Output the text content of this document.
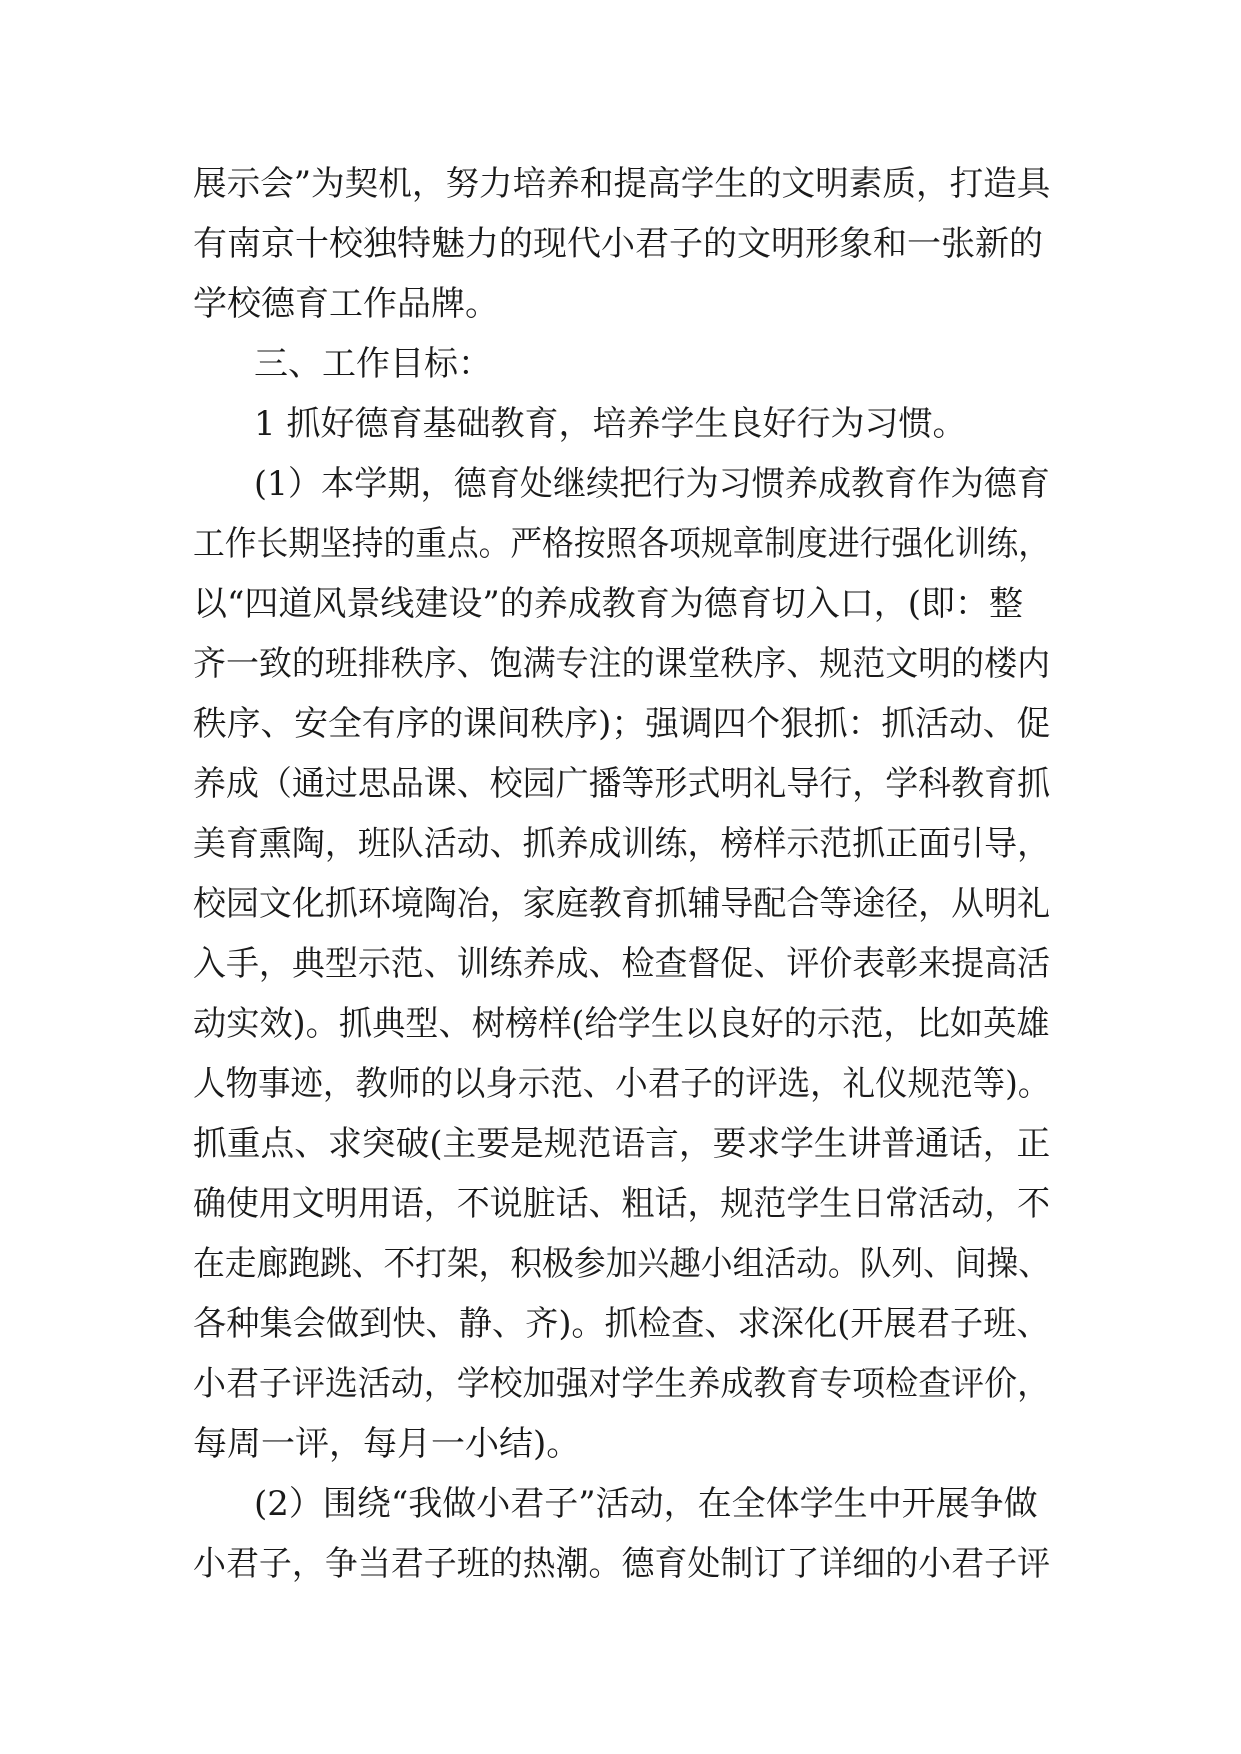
展示会”为契机，努力培养和提高学生的文明素质，打造具

有南京十校独特魅力的现代小君子的文明形象和一张新的

学校德育工作品牌。

三、工作目标：

1 抓好德育基础教育，培养学生良好行为习惯。

(1）本学期，德育处继续把行为习惯养成教育作为德育

工作长期坚持的重点。严格按照各项规章制度进行强化训练，

以“四道风景线建设”的养成教育为德育切入口，(即：整

齐一致的班排秩序、饱满专注的课堂秩序、规范文明的楼内

秩序、安全有序的课间秩序)；强调四个狠抓：抓活动、促

养成（通过思品课、校园广播等形式明礼导行，学科教育抓

美育熏陶，班队活动、抓养成训练，榜样示范抓正面引导，

校园文化抓环境陶冶，家庭教育抓辅导配合等途径，从明礼

入手，典型示范、训练养成、检查督促、评价表彰来提高活

动实效)。抓典型、树榜样(给学生以良好的示范，比如英雄

人物事迹，教师的以身示范、小君子的评选，礼仪规范等)。

抓重点、求突破(主要是规范语言，要求学生讲普通话，正

确使用文明用语，不说脏话、粗话，规范学生日常活动，不

在走廊跑跳、不打架，积极参加兴趣小组活动。队列、间操、

各种集会做到快、静、齐)。抓检查、求深化(开展君子班、

小君子评选活动，学校加强对学生养成教育专项检查评价，

每周一评，每月一小结)。

(2）围绕“我做小君子”活动，在全体学生中开展争做

小君子，争当君子班的热潮。德育处制订了详细的小君子评
